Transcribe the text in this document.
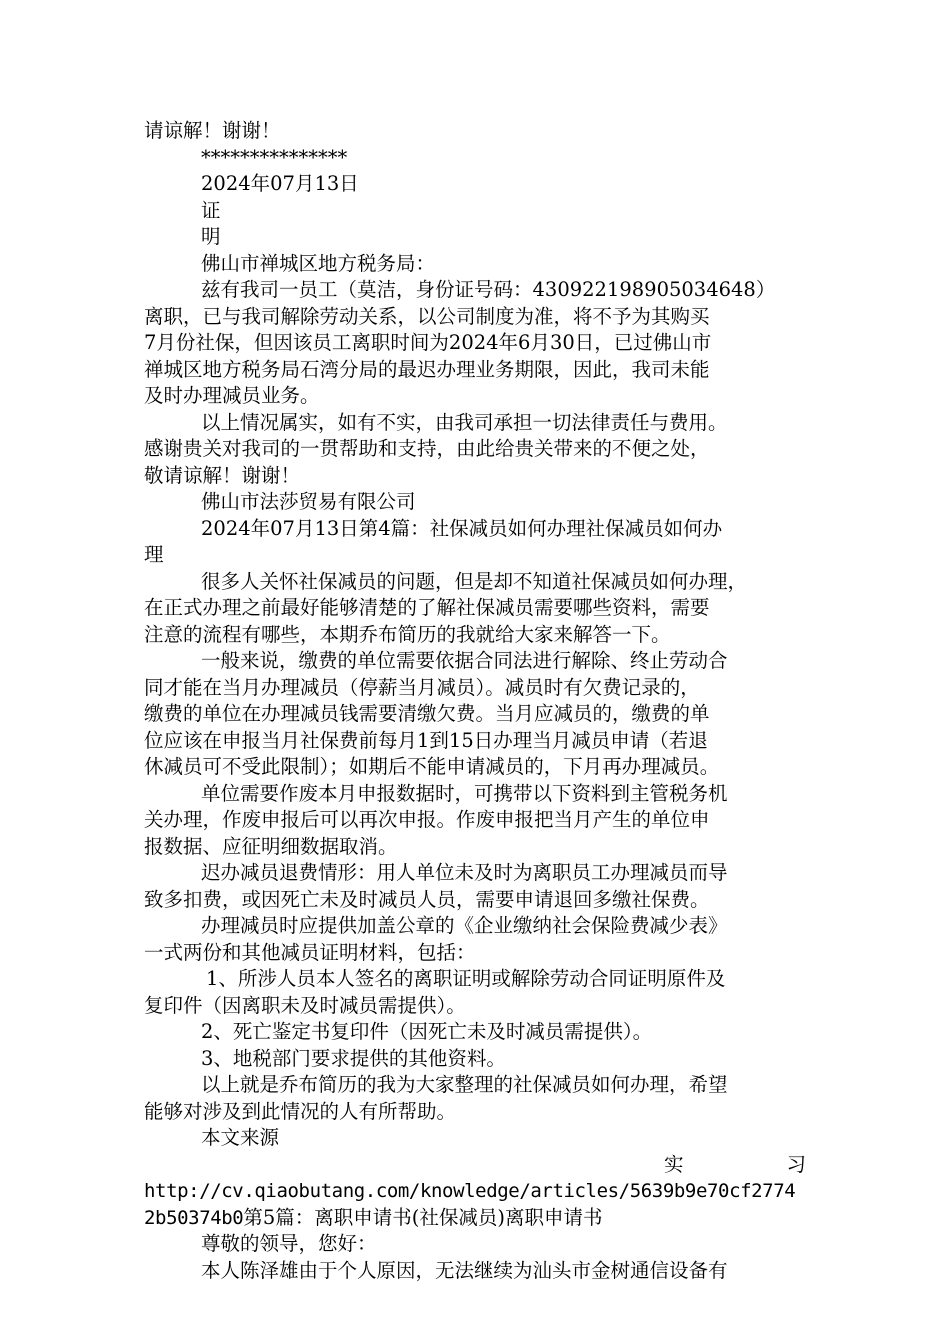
请谅解！谢谢！
***************
2024年07月13日
证
明
佛山市禅城区地方税务局：
兹有我司一员工（莫洁，身份证号码：430922198905034648）
离职，已与我司解除劳动关系，以公司制度为准，将不予为其购买
7月份社保，但因该员工离职时间为2024年6月30日，已过佛山市
禅城区地方税务局石湾分局的最迟办理业务期限，因此，我司未能
及时办理减员业务。
以上情况属实，如有不实，由我司承担一切法律责任与费用。
感谢贵关对我司的一贯帮助和支持，由此给贵关带来的不便之处，
敬请谅解！谢谢！
佛山市法莎贸易有限公司
2024年07月13日第4篇：社保减员如何办理社保减员如何办
理
很多人关怀社保减员的问题，但是却不知道社保减员如何办理，
在正式办理之前最好能够清楚的了解社保减员需要哪些资料，需要
注意的流程有哪些，本期乔布简历的我就给大家来解答一下。
一般来说，缴费的单位需要依据合同法进行解除、终止劳动合
同才能在当月办理减员（停薪当月减员）。减员时有欠费记录的，
缴费的单位在办理减员钱需要清缴欠费。当月应减员的，缴费的单
位应该在申报当月社保费前每月1到15日办理当月减员申请（若退
休减员可不受此限制）；如期后不能申请减员的，下月再办理减员。
单位需要作废本月申报数据时，可携带以下资料到主管税务机
关办理，作废申报后可以再次申报。作废申报把当月产生的单位申
报数据、应征明细数据取消。
迟办减员退费情形：用人单位未及时为离职员工办理减员而导
致多扣费，或因死亡未及时减员人员，需要申请退回多缴社保费。
办理减员时应提供加盖公章的《企业缴纳社会保险费减少表》
一式两份和其他减员证明材料，包括：
1、所涉人员本人签名的离职证明或解除劳动合同证明原件及
复印件（因离职未及时减员需提供）。
2、死亡鉴定书复印件（因死亡未及时减员需提供）。
3、地税部门要求提供的其他资料。
以上就是乔布简历的我为大家整理的社保减员如何办理，希望
能够对涉及到此情况的人有所帮助。
本文来源
实	习
http://cv.qiaobutang.com/knowledge/articles/5639b9e70cf2774
2b50374b0第5篇：离职申请书(社保减员)离职申请书
尊敬的领导，您好：
本人陈泽雄由于个人原因，无法继续为汕头市金树通信设备有
